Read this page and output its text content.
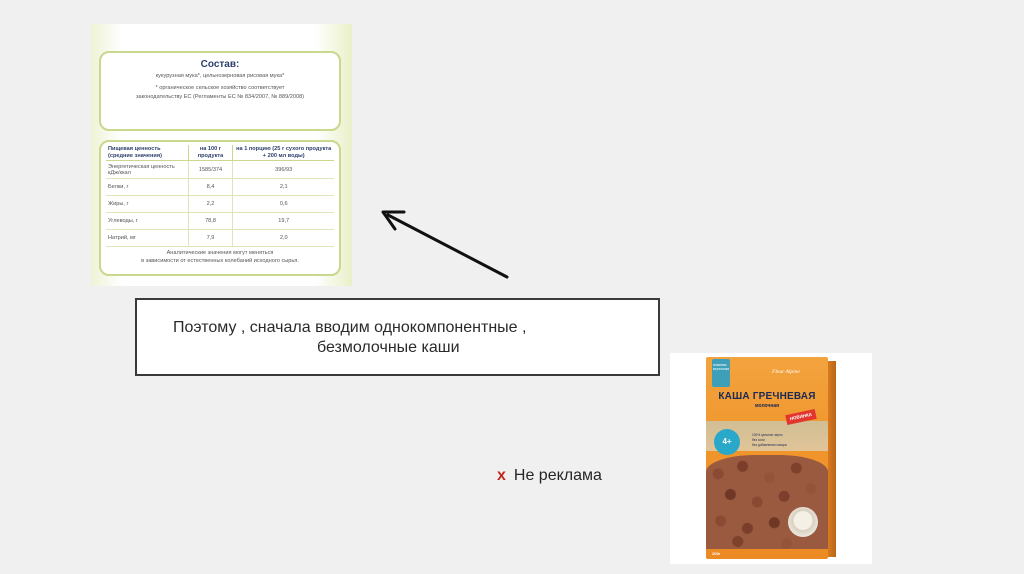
Состав:
кукурузная мука*, цельнозерновая рисовая мука*
* органическое сельское хозяйство соответствует
законодательству ЕС (Регламенты ЕС № 834/2007, № 889/2008)
Пищевая ценность (средние значения)	на 100 г продукта	на 1 порцию (25 г сухого продукта + 200 мл воды)
Энергетическая ценность кДж/ккал	1585/374	396/93
Белки, г	8,4	2,1
Жиры, г	2,2	0,6
Углеводы, г	78,8	19,7
Натрий, мг	7,9	2,0
Аналитические значения могут меняться
в зависимости от естественных колебаний исходного сырья.
Поэтому , сначала вводим однокомпонентные ,
безмолочные каши
x Не реклама
новинка молочная	Fleur Alpine
КАША ГРЕЧНЕВАЯ
молочная
НОВИНКА
4+
100% цельное зерно
без соли
без добавления сахара
200г
